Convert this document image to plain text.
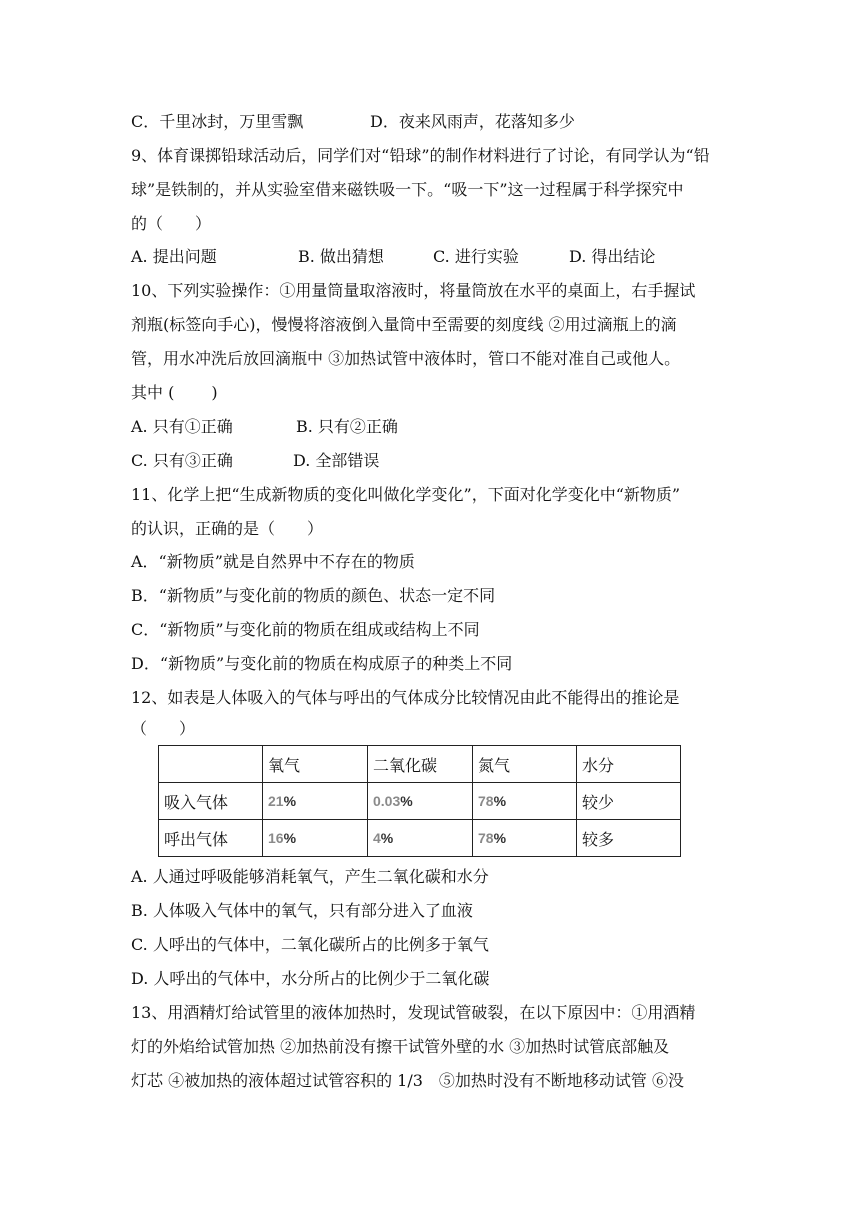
C．千里冰封，万里雪飘	D．夜来风雨声，花落知多少
9、体育课掷铅球活动后，同学们对“铅球”的制作材料进行了讨论，有同学认为“铅
球”是铁制的，并从实验室借来磁铁吸一下。“吸一下”这一过程属于科学探究中
的（　　）
A. 提出问题	B. 做出猜想	C. 进行实验	D. 得出结论
10、下列实验操作：①用量筒量取溶液时，将量筒放在水平的桌面上，右手握试
剂瓶(标签向手心)，慢慢将溶液倒入量筒中至需要的刻度线 ②用过滴瓶上的滴
管，用水冲洗后放回滴瓶中 ③加热试管中液体时，管口不能对准自己或他人。
其中 (　　 )
A. 只有①正确	B. 只有②正确
C. 只有③正确	D. 全部错误
11、化学上把“生成新物质的变化叫做化学变化”，下面对化学变化中“新物质”
的认识，正确的是（　　）
A．“新物质”就是自然界中不存在的物质
B．“新物质”与变化前的物质的颜色、状态一定不同
C．“新物质”与变化前的物质在组成或结构上不同
D．“新物质”与变化前的物质在构成原子的种类上不同
12、如表是人体吸入的气体与呼出的气体成分比较情况由此不能得出的推论是
（　　）
	氧气	二氧化碳	氮气	水分
吸入气体	21%	0.03%	78%	较少
呼出气体	16%	4%	78%	较多
A. 人通过呼吸能够消耗氧气，产生二氧化碳和水分
B. 人体吸入气体中的氧气，只有部分进入了血液
C. 人呼出的气体中，二氧化碳所占的比例多于氧气
D. 人呼出的气体中，水分所占的比例少于二氧化碳
13、用酒精灯给试管里的液体加热时，发现试管破裂，在以下原因中：①用酒精
灯的外焰给试管加热 ②加热前没有擦干试管外壁的水 ③加热时试管底部触及
灯芯 ④被加热的液体超过试管容积的 1/3　⑤加热时没有不断地移动试管 ⑥没
